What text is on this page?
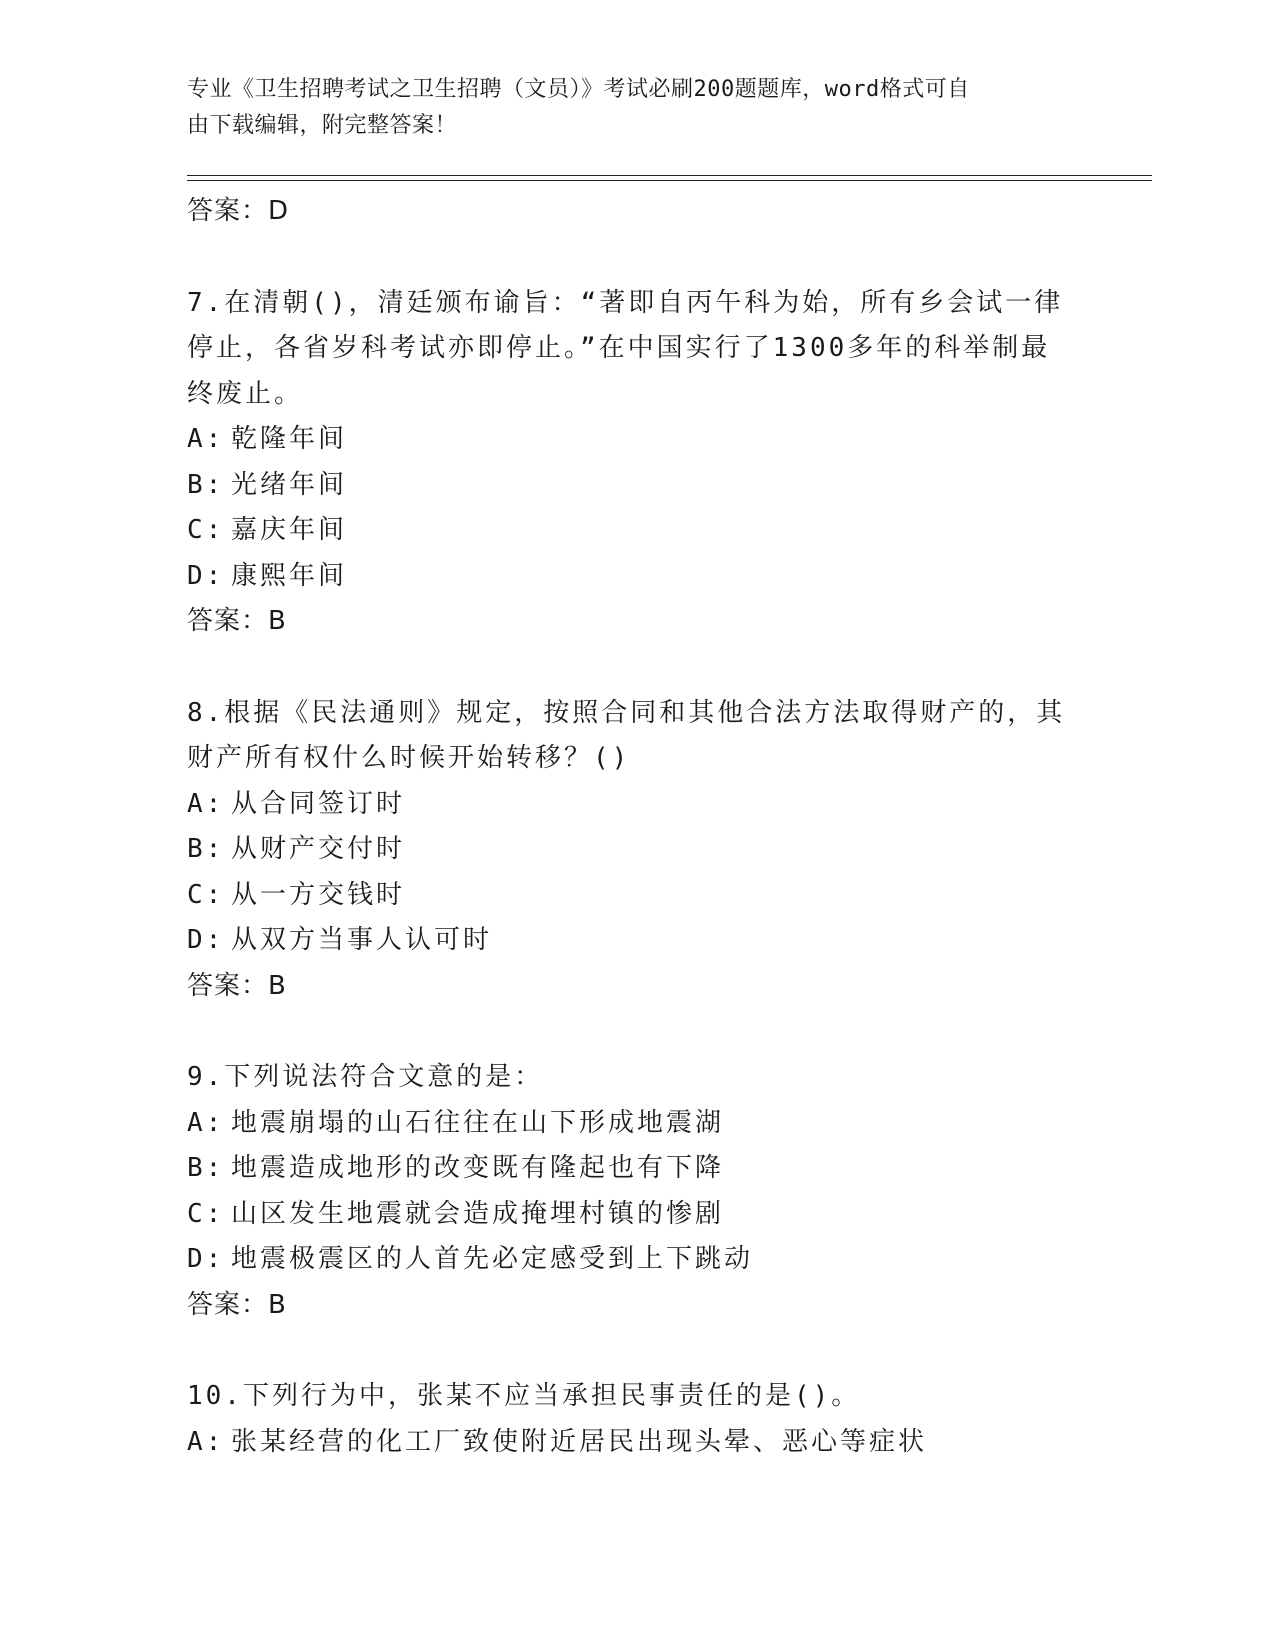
专业《卫生招聘考试之卫生招聘（文员）》考试必刷200题题库，word格式可自
由下载编辑，附完整答案！
答案：D
7.在清朝()，清廷颁布谕旨：“著即自丙午科为始，所有乡会试一律
停止，各省岁科考试亦即停止。”在中国实行了1300多年的科举制最
终废止。
A: 乾隆年间
B: 光绪年间
C: 嘉庆年间
D: 康熙年间
答案：B
8.根据《民法通则》规定，按照合同和其他合法方法取得财产的，其
财产所有权什么时候开始转移？()
A: 从合同签订时
B: 从财产交付时
C: 从一方交钱时
D: 从双方当事人认可时
答案：B
9.下列说法符合文意的是：
A: 地震崩塌的山石往往在山下形成地震湖
B: 地震造成地形的改变既有隆起也有下降
C: 山区发生地震就会造成掩埋村镇的惨剧
D: 地震极震区的人首先必定感受到上下跳动
答案：B
10.下列行为中，张某不应当承担民事责任的是()。
A: 张某经营的化工厂致使附近居民出现头晕、恶心等症状
